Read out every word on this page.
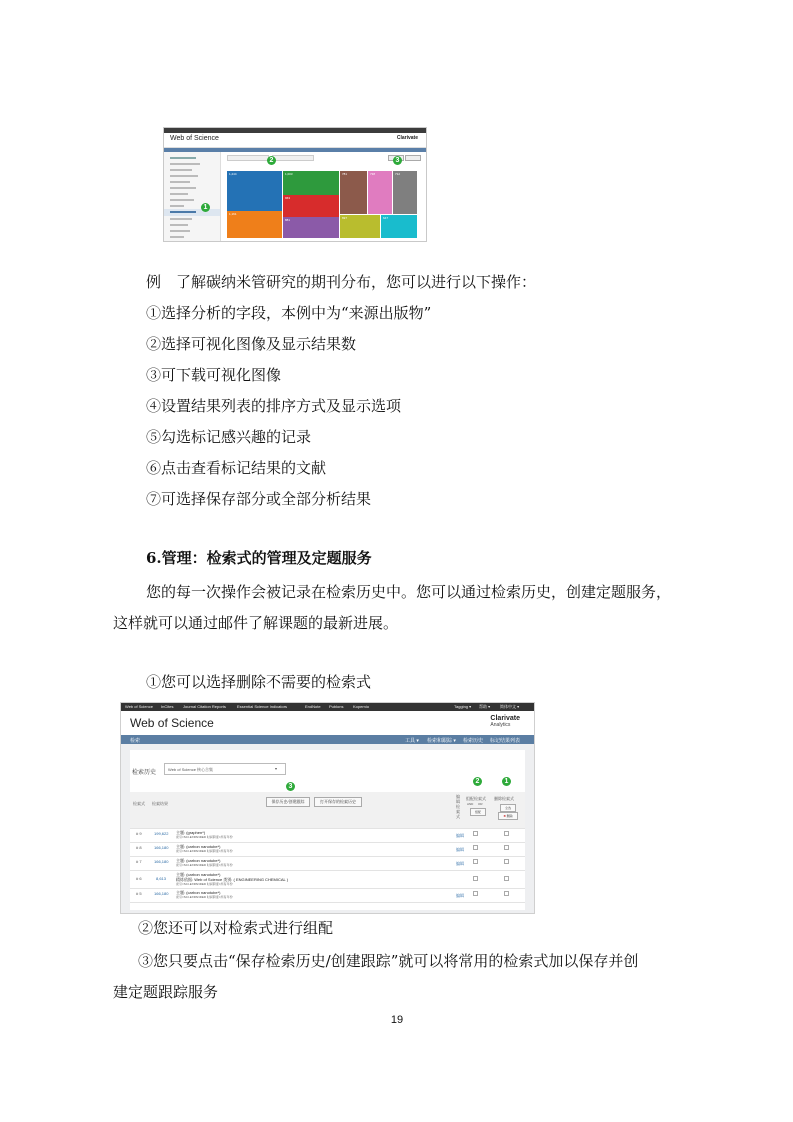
Web of Science	Clarivate
1,244
1,161
1,003
963
881
781	738	712
697	647
2	3
1
例　了解碳纳米管研究的期刊分布，您可以进行以下操作：
①选择分析的字段，本例中为“来源出版物”
②选择可视化图像及显示结果数
③可下载可视化图像
④设置结果列表的排序方式及显示选项
⑤勾选标记感兴趣的记录
⑥点击查看标记结果的文献
⑦可选择保存部分或全部分析结果
6.管理：检索式的管理及定题服务
您的每一次操作会被记录在检索历史中。您可以通过检索历史，创建定题服务，
这样就可以通过邮件了解课题的最新进展。
①您可以选择删除不需要的检索式
Web of Science InCites Journal Citation Reports	Essential Science Indicators	EndNote Publons Kopernio	Tagging ▾ 帮助 ▾ 简体中文 ▾
Web of Science	Clarivate
Analytics
检索	工具 ▾ 检索和跟踪 ▾ 检索历史 标记结果列表
检索历史
Web of Science 核心合集	▾
3
2	1
检索式 检索结果	保存历史/创建跟踪	打开保存的检索历史
编辑检索式
组配检索式
AND OR
组配
删除检索式
全选
✖ 删除
# 9	199,622 主题: (graphen*)
索引=SCI-EXPANDED 时间跨度=所有年份	编辑
# 8	166,180 主题: (carbon nanotube*)
索引=SCI-EXPANDED 时间跨度=所有年份	编辑
# 7	166,180 主题: (carbon nanotube*)
索引=SCI-EXPANDED 时间跨度=所有年份	编辑
# 6	8,613
主题: (carbon nanotube*)
精炼依据: Web of Science 类别: ( ENGINEERING CHEMICAL )
索引=SCI-EXPANDED 时间跨度=所有年份
# 5	166,180 主题: (carbon nanotube*)
索引=SCI-EXPANDED 时间跨度=所有年份	编辑
②您还可以对检索式进行组配
③您只要点击“保存检索历史/创建跟踪”就可以将常用的检索式加以保存并创
建定题跟踪服务
19
